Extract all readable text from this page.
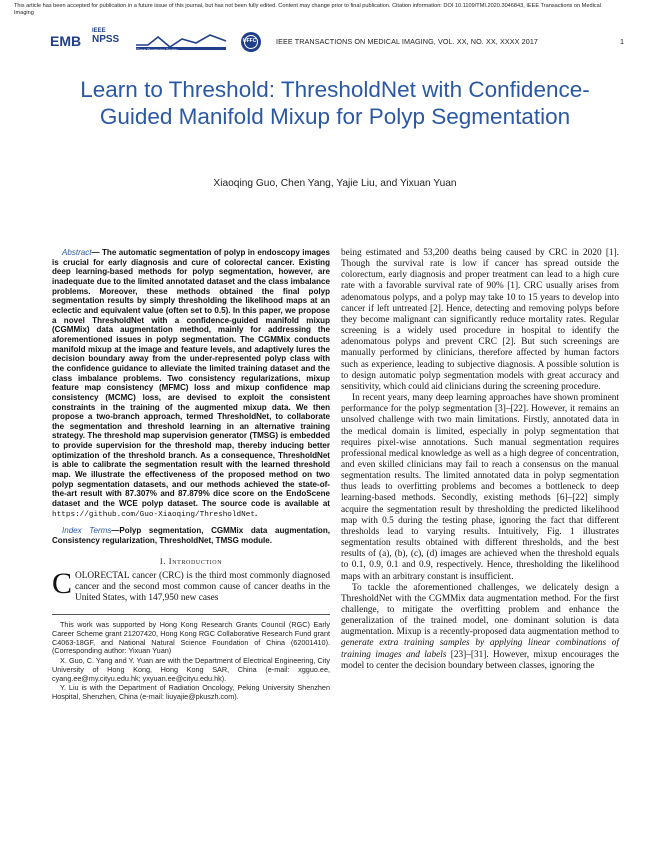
This article has been accepted for publication in a future issue of this journal, but has not been fully edited. Content may change prior to final publication. Citation information: DOI 10.1109/TMI.2020.3046843, IEEE Transactions on Medical Imaging
EMB
IEEE
NPSS
Signal Processing Society
UFFC	IEEE TRANSACTIONS ON MEDICAL IMAGING, VOL. XX, NO. XX, XXXX 2017	1
Learn to Threshold: ThresholdNet with Confidence-Guided Manifold Mixup for Polyp Segmentation
Xiaoqing Guo, Chen Yang, Yajie Liu, and Yixuan Yuan

Abstract— The automatic segmentation of polyp in endoscopy images is crucial for early diagnosis and cure of colorectal cancer. Existing deep learning-based methods for polyp segmentation, however, are inadequate due to the limited annotated dataset and the class imbalance problems. Moreover, these methods obtained the final polyp segmentation results by simply thresholding the likelihood maps at an eclectic and equivalent value (often set to 0.5). In this paper, we propose a novel ThresholdNet with a confidence-guided manifold mixup (CGMMix) data augmentation method, mainly for addressing the aforementioned issues in polyp segmentation. The CGMMix conducts manifold mixup at the image and feature levels, and adaptively lures the decision boundary away from the under-represented polyp class with the confidence guidance to alleviate the limited training dataset and the class imbalance problems. Two consistency regularizations, mixup feature map consistency (MFMC) loss and mixup confidence map consistency (MCMC) loss, are devised to exploit the consistent constraints in the training of the augmented mixup data. We then propose a two-branch approach, termed ThresholdNet, to collaborate the segmentation and threshold learning in an alternative training strategy. The threshold map supervision generator (TMSG) is embedded to provide supervision for the threshold map, thereby inducing better optimization of the threshold branch. As a consequence, ThresholdNet is able to calibrate the segmentation result with the learned threshold map. We illustrate the effectiveness of the proposed method on two polyp segmentation datasets, and our methods achieved the state-of-the-art result with 87.307% and 87.879% dice score on the EndoScene dataset and the WCE polyp dataset. The source code is available at https://github.com/Guo-Xiaoqing/ThresholdNet.

Index Terms—Polyp segmentation, CGMMix data augmentation, Consistency regularization, ThresholdNet, TMSG module.

I. Introduction

COLORECTAL cancer (CRC) is the third most commonly diagnosed cancer and the second most common cause of cancer deaths in the United States, with 147,950 new cases

This work was supported by Hong Kong Research Grants Council (RGC) Early Career Scheme grant 21207420, Hong Kong RGC Collaborative Research Fund grant C4063-18GF, and National Natural Science Foundation of China (62001410). (Corresponding author: Yixuan Yuan)

X. Guo, C. Yang and Y. Yuan are with the Department of Electrical Engineering, City University of Hong Kong, Hong Kong SAR, China (e-mail: xgguo.ee, cyang.ee@my.cityu.edu.hk; yxyuan.ee@cityu.edu.hk).

Y. Liu is with the Department of Radiation Oncology, Peking University Shenzhen Hospital, Shenzhen, China (e-mail: liuyajie@pkuszh.com).

being estimated and 53,200 deaths being caused by CRC in 2020 [1]. Though the survival rate is low if cancer has spread outside the colorectum, early diagnosis and proper treatment can lead to a high cure rate with a favorable survival rate of 90% [1]. CRC usually arises from adenomatous polyps, and a polyp may take 10 to 15 years to develop into cancer if left untreated [2]. Hence, detecting and removing polyps before they become malignant can significantly reduce mortality rates. Regular screening is a widely used procedure in hospital to identify the adenomatous polyps and prevent CRC [2]. But such screenings are manually performed by clinicians, therefore affected by human factors such as experience, leading to subjective diagnosis. A possible solution is to design automatic polyp segmentation models with great accuracy and sensitivity, which could aid clinicians during the screening procedure.

In recent years, many deep learning approaches have shown prominent performance for the polyp segmentation [3]–[22]. However, it remains an unsolved challenge with two main limitations. Firstly, annotated data in the medical domain is limited, especially in polyp segmentation that requires pixel-wise annotations. Such manual segmentation requires professional medical knowledge as well as a high degree of concentration, and even skilled clinicians may fail to reach a consensus on the manual segmentation results. The limited annotated data in polyp segmentation thus leads to overfitting problems and becomes a bottleneck to deep learning-based methods. Secondly, existing methods [6]–[22] simply acquire the segmentation result by thresholding the predicted likelihood map with 0.5 during the testing phase, ignoring the fact that different thresholds lead to varying results. Intuitively, Fig. 1 illustrates segmentation results obtained with different thresholds, and the best results of (a), (b), (c), (d) images are achieved when the threshold equals to 0.1, 0.9, 0.1 and 0.9, respectively. Hence, thresholding the likelihood maps with an arbitrary constant is insufficient.

To tackle the aforementioned challenges, we delicately design a ThresholdNet with the CGMMix data augmentation method. For the first challenge, to mitigate the overfitting problem and enhance the generalization of the trained model, one dominant solution is data augmentation. Mixup is a recently-proposed data augmentation method to generate extra training samples by applying linear combinations of training images and labels [23]–[31]. However, mixup encourages the model to center the decision boundary between classes, ignoring the
